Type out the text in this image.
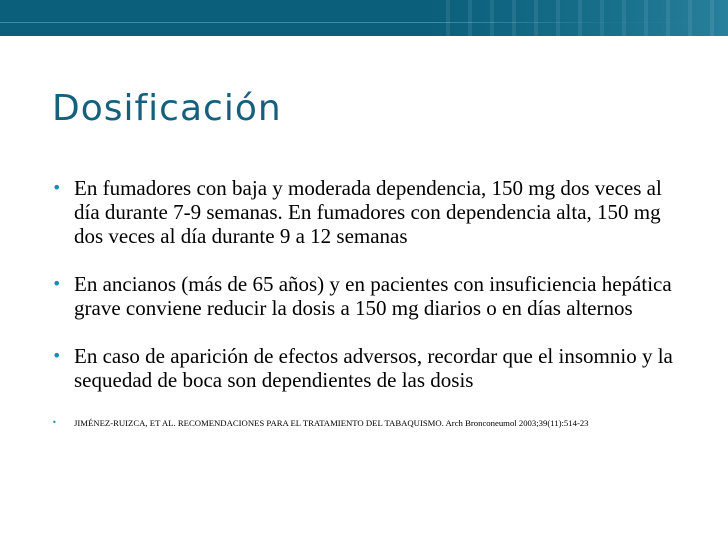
Dosificación
• En fumadores con baja y moderada dependencia, 150 mg dos veces al día durante 7-9 semanas. En fumadores con dependencia alta, 150 mg dos veces al día durante 9 a 12 semanas
• En ancianos (más de 65 años) y en pacientes con insuficiencia hepática grave conviene reducir la dosis a 150 mg diarios o en días alternos
• En caso de aparición de efectos adversos, recordar que el insomnio y la sequedad de boca son dependientes de las dosis
• JIMÉNEZ-RUIZCA, ET AL. RECOMENDACIONES PARA EL TRATAMIENTO DEL TABAQUISMO. Arch Bronconeumol 2003;39(11):514-23
